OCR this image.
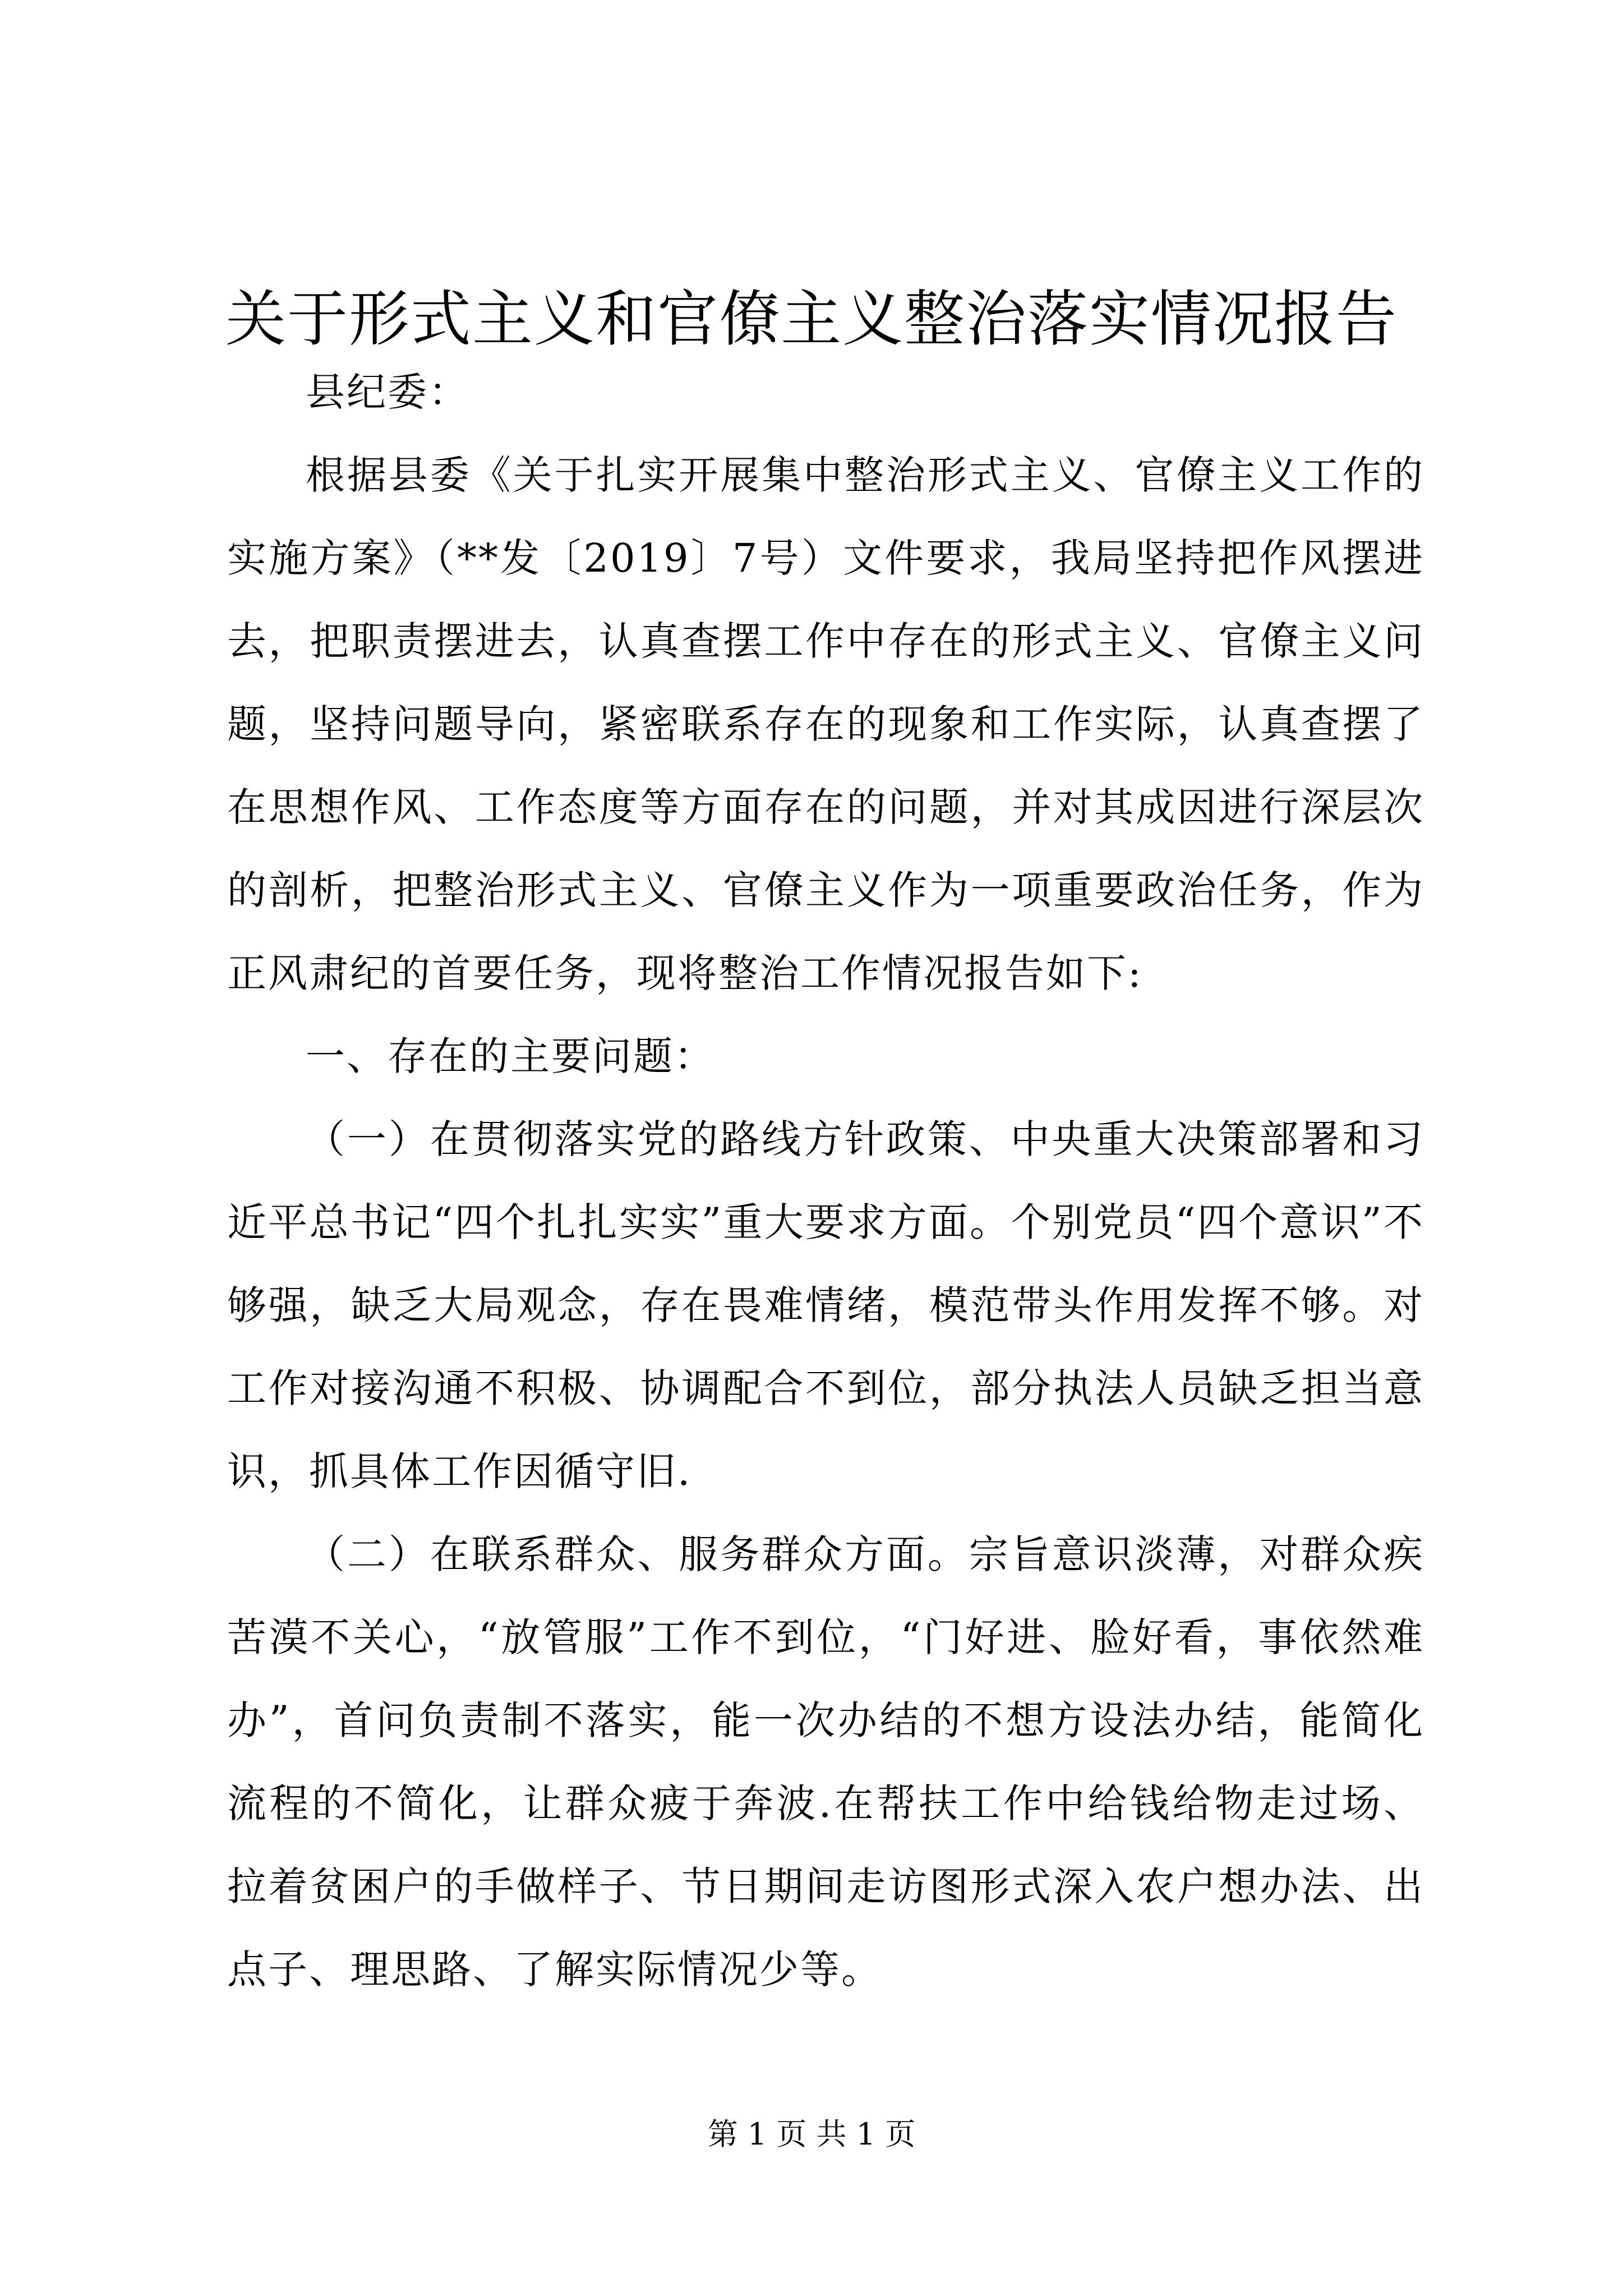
关于形式主义和官僚主义整治落实情况报告

县纪委：

根据县委《关于扎实开展集中整治形式主义、官僚主义工作的实施方案》（**发〔2019〕7号）文件要求，我局坚持把作风摆进去，把职责摆进去，认真查摆工作中存在的形式主义、官僚主义问题，坚持问题导向，紧密联系存在的现象和工作实际，认真查摆了在思想作风、工作态度等方面存在的问题，并对其成因进行深层次的剖析，把整治形式主义、官僚主义作为一项重要政治任务，作为正风肃纪的首要任务，现将整治工作情况报告如下:

一、存在的主要问题：

（一）在贯彻落实党的路线方针政策、中央重大决策部署和习近平总书记“四个扎扎实实”重大要求方面。个别党员“四个意识”不够强，缺乏大局观念，存在畏难情绪，模范带头作用发挥不够。对工作对接沟通不积极、协调配合不到位，部分执法人员缺乏担当意识，抓具体工作因循守旧.

（二）在联系群众、服务群众方面。宗旨意识淡薄，对群众疾苦漠不关心，“放管服”工作不到位，“门好进、脸好看，事依然难办”，首问负责制不落实，能一次办结的不想方设法办结，能简化流程的不简化，让群众疲于奔波.在帮扶工作中给钱给物走过场、拉着贫困户的手做样子、节日期间走访图形式深入农户想办法、出点子、理思路、了解实际情况少等。

第 1 页 共 1 页
